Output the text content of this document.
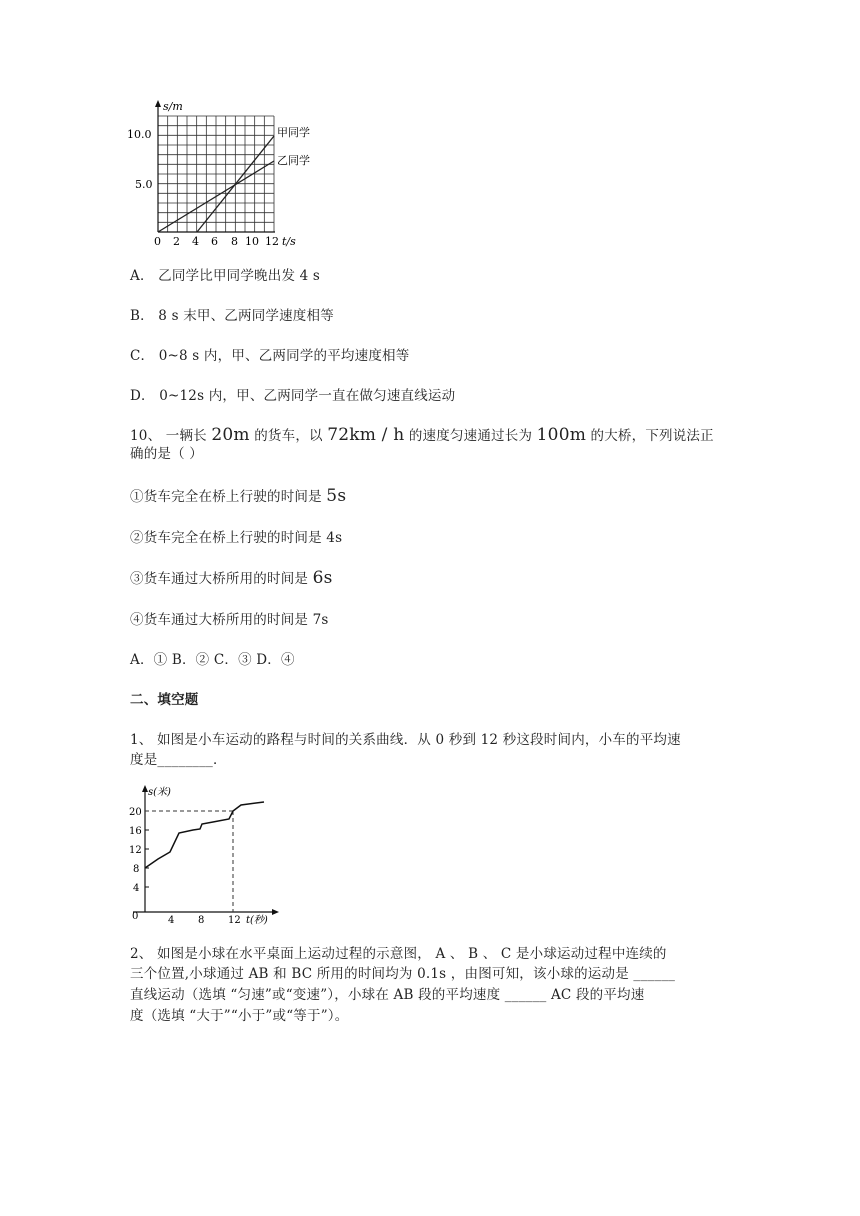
s/m
10.0
5.0
0 2 4 6 8 10 12 t/s
甲同学
乙同学
A． 乙同学比甲同学晚出发 4 s
B． 8 s 末甲、乙两同学速度相等
C． 0~8 s 内，甲、乙两同学的平均速度相等
D． 0~12s 内，甲、乙两同学一直在做匀速直线运动
10、 一辆长 20m 的货车，以 72km / h 的速度匀速通过长为 100m 的大桥，下列说法正
确的是（ ）
①货车完全在桥上行驶的时间是 5s
②货车完全在桥上行驶的时间是 4s
③货车通过大桥所用的时间是 6s
④货车通过大桥所用的时间是 7s
A．① B．② C．③ D．④
二、填空题
1、 如图是小车运动的路程与时间的关系曲线．从 0 秒到 12 秒这段时间内，小车的平均速
度是________．
s(米)
20
16
12
8
4
0	4 8 12 t(秒)
2、 如图是小球在水平桌面上运动过程的示意图， A 、 B 、 C 是小球运动过程中连续的
三个位置,小球通过 AB 和 BC 所用的时间均为 0.1s ，由图可知，该小球的运动是 ______
直线运动（选填 “匀速”或“变速”），小球在 AB 段的平均速度 ______ AC 段的平均速
度（选填 “大于”“小于”或“等于”）。
